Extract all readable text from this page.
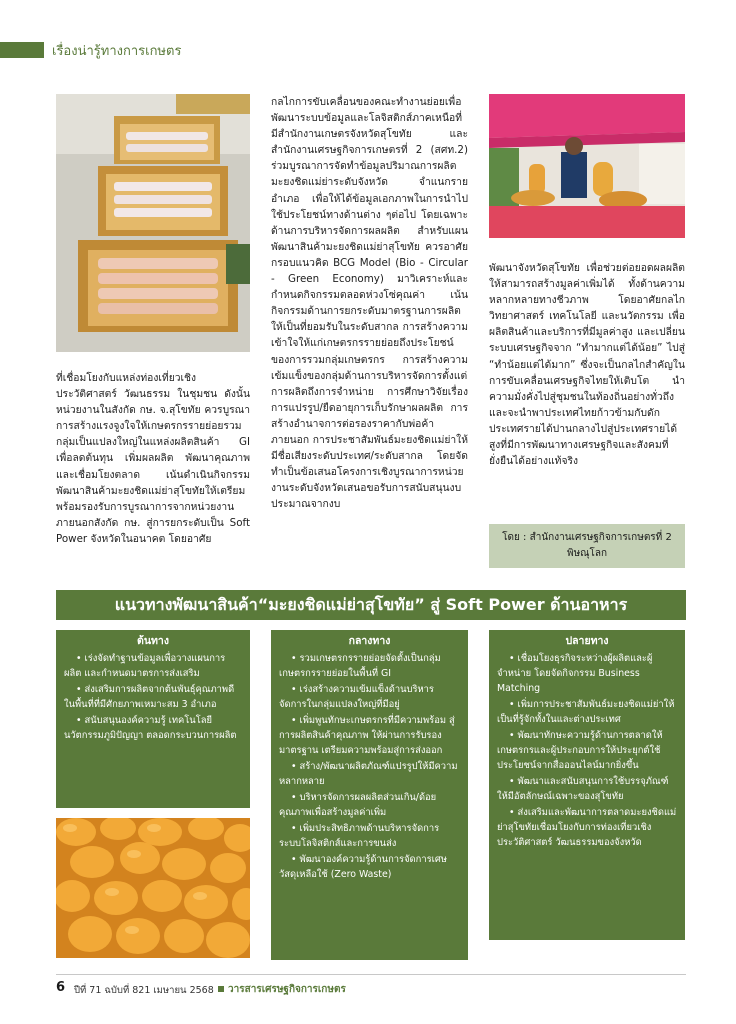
เรื่องน่ารู้ทางการเกษตร

ที่เชื่อมโยงกับแหล่งท่องเที่ยวเชิงประวัติศาสตร์ วัฒนธรรม ในชุมชน ดังนั้น หน่วยงานในสังกัด กษ. จ.สุโขทัย ควรบูรณาการสร้างแรงจูงใจให้เกษตรกรรายย่อยรวมกลุ่มเป็นแปลงใหญ่ในแหล่งผลิตสินค้า GI เพื่อลดต้นทุน เพิ่มผลผลิต พัฒนาคุณภาพ และเชื่อมโยงตลาด เน้นดำเนินกิจกรรมพัฒนาสินค้ามะยงชิดแม่ย่าสุโขทัยให้เตรียมพร้อมรองรับการบูรณาการจากหน่วยงานภายนอกสังกัด กษ. สู่การยกระดับเป็น Soft Power จังหวัดในอนาคต โดยอาศัย

กลไกการขับเคลื่อนของคณะทำงานย่อยเพื่อพัฒนาระบบข้อมูลและโลจิสติกส์ภาคเหนือที่มีสำนักงานเกษตรจังหวัดสุโขทัย และสำนักงานเศรษฐกิจการเกษตรที่ 2 (สศท.2) ร่วมบูรณาการจัดทำข้อมูลปริมาณการผลิตมะยงชิดแม่ย่าระดับจังหวัด จำแนกรายอำเภอ เพื่อให้ได้ข้อมูลเอกภาพในการนำไปใช้ประโยชน์ทางด้านต่าง ๆต่อไป โดยเฉพาะด้านการบริหารจัดการผลผลิต สำหรับแผนพัฒนาสินค้ามะยงชิดแม่ย่าสุโขทัย ควรอาศัยกรอบแนวคิด BCG Model (Bio - Circular - Green Economy) มาวิเคราะห์และกำหนดกิจกรรมตลอดห่วงโซ่คุณค่า เน้นกิจกรรมด้านการยกระดับมาตรฐานการผลิตให้เป็นที่ยอมรับในระดับสากล การสร้างความเข้าใจให้แก่เกษตรกรรายย่อยถึงประโยชน์ของการรวมกลุ่มเกษตรกร การสร้างความเข้มแข็งของกลุ่มด้านการบริหารจัดการตั้งแต่การผลิตถึงการจำหน่าย การศึกษาวิจัยเรื่องการแปรรูป/ยืดอายุการเก็บรักษาผลผลิต การสร้างอำนาจการต่อรองราคากับพ่อค้าภายนอก การประชาสัมพันธ์มะยงชิดแม่ย่าให้มีชื่อเสียงระดับประเทศ/ระดับสากล โดยจัดทำเป็นข้อเสนอโครงการเชิงบูรณาการหน่วยงานระดับจังหวัดเสนอขอรับการสนับสนุนงบประมาณจากงบ

พัฒนาจังหวัดสุโขทัย เพื่อช่วยต่อยอดผลผลิตให้สามารถสร้างมูลค่าเพิ่มได้ ทั้งด้านความหลากหลายทางชีวภาพ โดยอาศัยกลไกวิทยาศาสตร์ เทคโนโลยี และนวัตกรรม เพื่อผลิตสินค้าและบริการที่มีมูลค่าสูง และเปลี่ยนระบบเศรษฐกิจจาก “ทำมากแต่ได้น้อย” ไปสู่ “ทำน้อยแต่ได้มาก” ซึ่งจะเป็นกลไกสำคัญในการขับเคลื่อนเศรษฐกิจไทยให้เติบโต นำความมั่งคั่งไปสู่ชุมชนในท้องถิ่นอย่างทั่วถึง และจะนำพาประเทศไทยก้าวข้ามกับดักประเทศรายได้ปานกลางไปสู่ประเทศรายได้สูงที่มีการพัฒนาทางเศรษฐกิจและสังคมที่ยั่งยืนได้อย่างแท้จริง

โดย : สำนักงานเศรษฐกิจการเกษตรที่ 2
พิษณุโลก
แนวทางพัฒนาสินค้า“มะยงชิดแม่ย่าสุโขทัย” สู่ Soft Power ด้านอาหาร
ต้นทาง
• เร่งจัดทำฐานข้อมูลเพื่อวางแผนการผลิต และกำหนดมาตรการส่งเสริม
• ส่งเสริมการผลิตจากต้นพันธุ์คุณภาพดี ในพื้นที่ที่มีศักยภาพเหมาะสม 3 อำเภอ
• สนับสนุนองค์ความรู้ เทคโนโลยี นวัตกรรมภูมิปัญญา ตลอดกระบวนการผลิต
กลางทาง
• รวมเกษตรกรรายย่อยจัดตั้งเป็นกลุ่มเกษตรกรรายย่อยในพื้นที่ GI
• เร่งสร้างความเข้มแข็งด้านบริหารจัดการในกลุ่มแปลงใหญ่ที่มีอยู่
• เพิ่มพูนทักษะเกษตรกรที่มีความพร้อม สู่การผลิตสินค้าคุณภาพ ให้ผ่านการรับรองมาตรฐาน เตรียมความพร้อมสู่การส่งออก
• สร้าง/พัฒนาผลิตภัณฑ์แปรรูปให้มีความหลากหลาย
• บริหารจัดการผลผลิตส่วนเกิน/ด้อยคุณภาพเพื่อสร้างมูลค่าเพิ่ม
• เพิ่มประสิทธิภาพด้านบริหารจัดการระบบโลจิสติกส์และการขนส่ง
• พัฒนาองค์ความรู้ด้านการจัดการเศษวัสดุเหลือใช้ (Zero Waste)
ปลายทาง
• เชื่อมโยงธุรกิจระหว่างผู้ผลิตและผู้จำหน่าย โดยจัดกิจกรรม Business Matching
• เพิ่มการประชาสัมพันธ์มะยงชิดแม่ย่าให้เป็นที่รู้จักทั้งในและต่างประเทศ
• พัฒนาทักษะความรู้ด้านการตลาดให้เกษตรกรและผู้ประกอบการให้ประยุกต์ใช้ประโยชน์จากสื่อออนไลน์มากยิ่งขึ้น
• พัฒนาและสนับสนุนการใช้บรรจุภัณฑ์ให้มีอัตลักษณ์เฉพาะของสุโขทัย
• ส่งเสริมและพัฒนาการตลาดมะยงชิดแม่ย่าสุโขทัยเชื่อมโยงกับการท่องเที่ยวเชิงประวัติศาสตร์ วัฒนธรรมของจังหวัด
6 ปีที่ 71 ฉบับที่ 821 เมษายน 2568 วารสารเศรษฐกิจการเกษตร
